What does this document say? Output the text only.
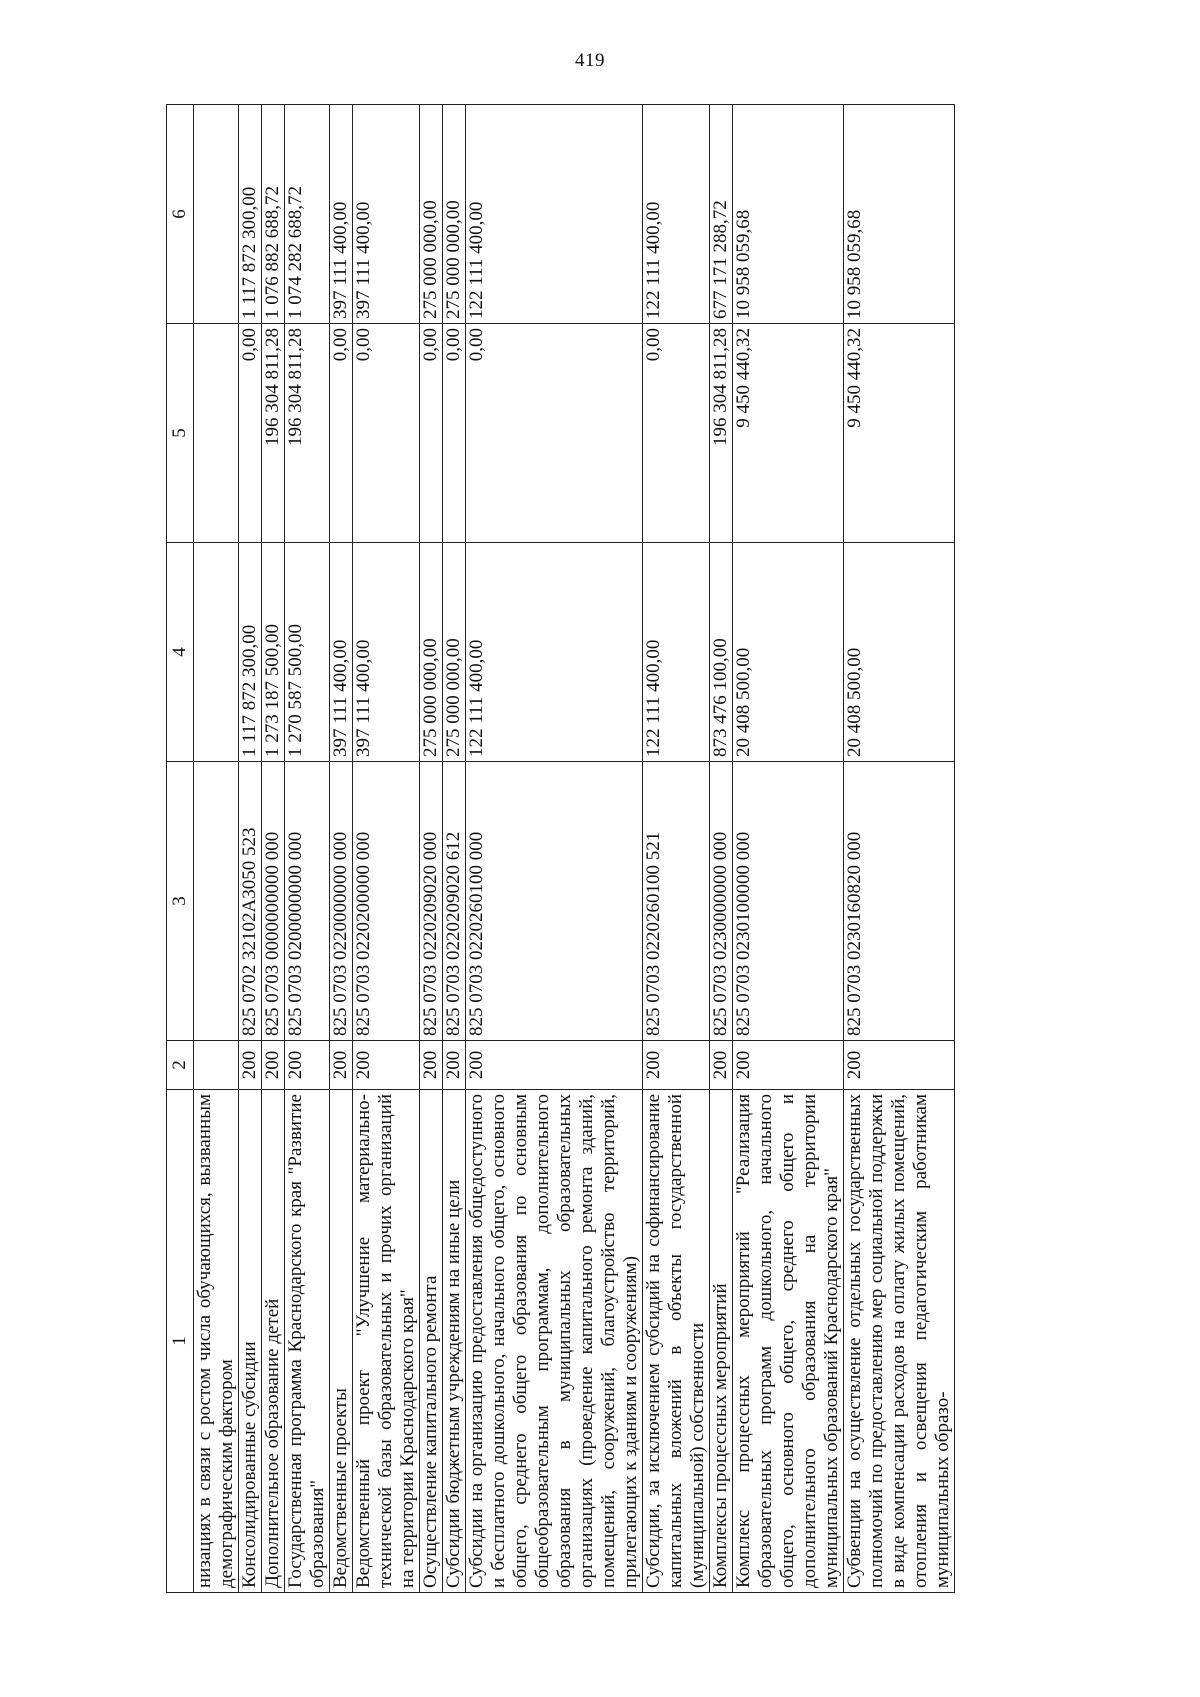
419
1	2	3	4	5	6
низациях в связи с ростом числа обучающихся, вызванным демографическим фактором					
Консолидированные субсидии	200	825 0702 32102А3050 523	1 117 872 300,00	0,00	1 117 872 300,00
Дополнительное образование детей	200	825 0703 0000000000 000	1 273 187 500,00	196 304 811,28	1 076 882 688,72
Государственная программа Краснодарского края "Развитие образования"	200	825 0703 0200000000 000	1 270 587 500,00	196 304 811,28	1 074 282 688,72
Ведомственные проекты	200	825 0703 0220000000 000	397 111 400,00	0,00	397 111 400,00
Ведомственный проект "Улучшение материально-технической базы образовательных и прочих организаций на территории Краснодарского края"	200	825 0703 0220200000 000	397 111 400,00	0,00	397 111 400,00
Осуществление капитального ремонта	200	825 0703 0220209020 000	275 000 000,00	0,00	275 000 000,00
Субсидии бюджетным учреждениям на иные цели	200	825 0703 0220209020 612	275 000 000,00	0,00	275 000 000,00
Субсидии на организацию предоставления общедоступного и бесплатного дошкольного, начального общего, основного общего, среднего общего образования по основным общеобразовательным программам, дополнительного образования в муниципальных образовательных организациях (проведение капитального ремонта зданий, помещений, сооружений, благоустройство территорий, прилегающих к зданиям и сооружениям)	200	825 0703 0220260100 000	122 111 400,00	0,00	122 111 400,00
Субсидии, за исключением субсидий на софинансирование капитальных вложений в объекты государственной (муниципальной) собственности	200	825 0703 0220260100 521	122 111 400,00	0,00	122 111 400,00
Комплексы процессных мероприятий	200	825 0703 0230000000 000	873 476 100,00	196 304 811,28	677 171 288,72
Комплекс процессных мероприятий "Реализация образовательных программ дошкольного, начального общего, основного общего, среднего общего и дополнительного образования на территории муниципальных образований Краснодарского края"	200	825 0703 0230100000 000	20 408 500,00	9 450 440,32	10 958 059,68
Субвенции на осуществление отдельных государственных полномочий по предоставлению мер социальной поддержки в виде компенсации расходов на оплату жилых помещений, отопления и освещения педагогическим работникам муниципальных образо-	200	825 0703 0230160820 000	20 408 500,00	9 450 440,32	10 958 059,68
